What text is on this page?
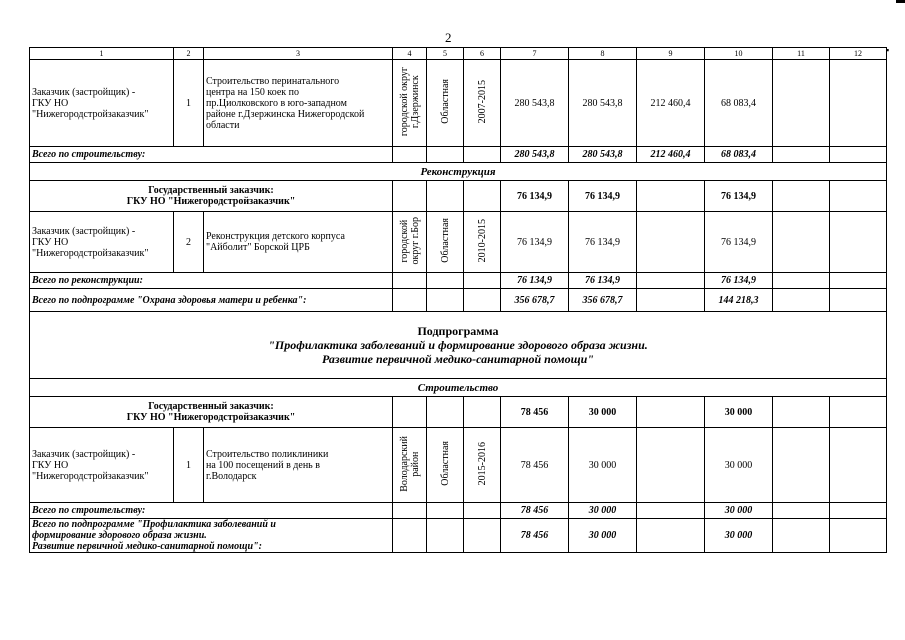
2
▪
1	2	3	4	5	6	7	8	9	10	11	12
Заказчик (застройщик) -
ГКУ НО
"Нижегородстройзаказчик"	1	Строительство перинатального
центра на 150 коек по
пр.Циолковского в юго-западном
районе г.Дзержинска Нижегородской
области	городской округ
г.Дзержинск	Областная	2007-2015	280 543,8	280 543,8	212 460,4	68 083,4		
Всего по строительству:						280 543,8	280 543,8	212 460,4	68 083,4		
Реконструкция											
Государственный заказчик:
ГКУ НО "Нижегородстройзаказчик"						76 134,9	76 134,9		76 134,9		
Заказчик (застройщик) -
ГКУ НО
"Нижегородстройзаказчик"	2	Реконструкция детского корпуса
"Айболит" Борской ЦРБ	городской
округ г.Бор	Областная	2010-2015	76 134,9	76 134,9		76 134,9		
Всего по реконструкции:						76 134,9	76 134,9		76 134,9		
Всего по подпрограмме "Охрана здоровья матери и ребенка":						356 678,7	356 678,7		144 218,3		

Подпрограмма
"Профилактика заболеваний и формирование здорового образа жизни.
Развитие первичной медико-санитарной помощи"											

Строительство											
Государственный заказчик:
ГКУ НО "Нижегородстройзаказчик"						78 456	30 000		30 000		
Заказчик (застройщик) -
ГКУ НО
"Нижегородстройзаказчик"	1	Строительство поликлиники
на 100 посещений в день в
г.Володарск	Володарский
район	Областная	2015-2016	78 456	30 000		30 000		
Всего по строительству:						78 456	30 000		30 000		
Всего по подпрограмме "Профилактика заболеваний и
формирование здорового образа жизни.
Развитие первичной медико-санитарной помощи":						78 456	30 000		30 000		
